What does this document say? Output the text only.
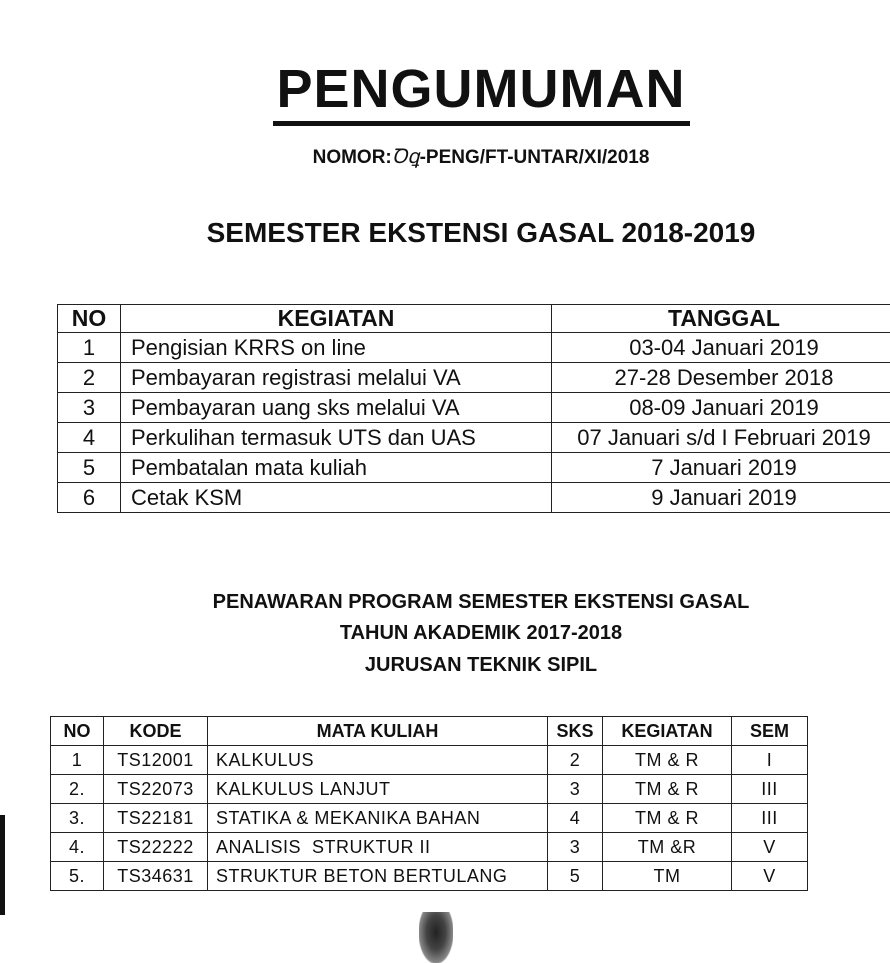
PENGUMUMAN
NOMOR:Ꝺꝗ-PENG/FT-UNTAR/XI/2018
SEMESTER EKSTENSI GASAL 2018-2019
NO	KEGIATAN	TANGGAL
1	Pengisian KRRS on line	03-04 Januari 2019
2	Pembayaran registrasi melalui VA	27-28 Desember 2018
3	Pembayaran uang sks melalui VA	08-09 Januari 2019
4	Perkulihan termasuk UTS dan UAS	07 Januari s/d I Februari 2019
5	Pembatalan mata kuliah	7 Januari 2019
6	Cetak KSM	9 Januari 2019
PENAWARAN PROGRAM SEMESTER EKSTENSI GASAL
TAHUN AKADEMIK 2017-2018
JURUSAN TEKNIK SIPIL
NO	KODE	MATA KULIAH	SKS	KEGIATAN	SEM
1	TS12001	KALKULUS	2	TM & R	I
2.	TS22073	KALKULUS LANJUT	3	TM & R	III
3.	TS22181	STATIKA & MEKANIKA BAHAN	4	TM & R	III
4.	TS22222	ANALISIS  STRUKTUR II	3	TM &R	V
5.	TS34631	STRUKTUR BETON BERTULANG	5	TM	V
